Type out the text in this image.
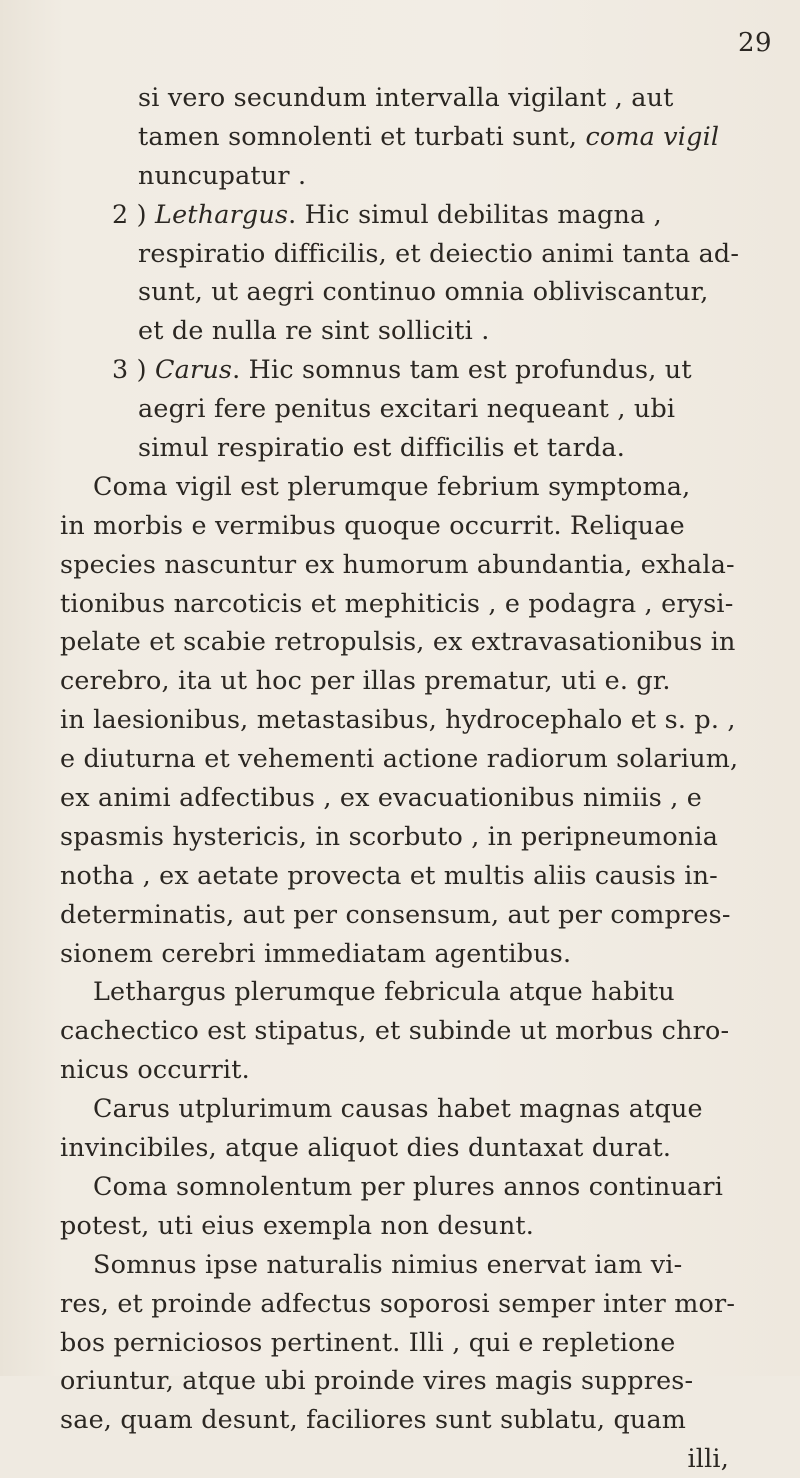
29
si vero secundum intervalla vigilant , aut
tamen somnolenti et turbati sunt, coma vigil
nuncupatur .
2 ) Lethargus. Hic simul debilitas magna ,
respiratio difficilis, et deiectio animi tanta ad-
sunt, ut aegri continuo omnia obliviscantur,
et de nulla re sint solliciti .
3 ) Carus. Hic somnus tam est profundus, ut
aegri fere penitus excitari nequeant , ubi
simul respiratio est difficilis et tarda.
Coma vigil est plerumque febrium symptoma,
in morbis e vermibus quoque occurrit. Reliquae
species nascuntur ex humorum abundantia, exhala-
tionibus narcoticis et mephiticis , e podagra , erysi-
pelate et scabie retropulsis, ex extravasationibus in
cerebro, ita ut hoc per illas prematur, uti e. gr.
in laesionibus, metastasibus, hydrocephalo et s. p. ,
e diuturna et vehementi actione radiorum solarium,
ex animi adfectibus , ex evacuationibus nimiis , e
spasmis hystericis, in scorbuto , in peripneumonia
notha , ex aetate provecta et multis aliis causis in-
determinatis, aut per consensum, aut per compres-
sionem cerebri immediatam agentibus.
Lethargus plerumque febricula atque habitu
cachectico est stipatus, et subinde ut morbus chro-
nicus occurrit.
Carus utplurimum causas habet magnas atque
invincibiles, atque aliquot dies duntaxat durat.
Coma somnolentum per plures annos continuari
potest, uti eius exempla non desunt.
Somnus ipse naturalis nimius enervat iam vi-
res, et proinde adfectus soporosi semper inter mor-
bos perniciosos pertinent. Illi , qui e repletione
oriuntur, atque ubi proinde vires magis suppres-
sae, quam desunt, faciliores sunt sublatu, quam
illi,
